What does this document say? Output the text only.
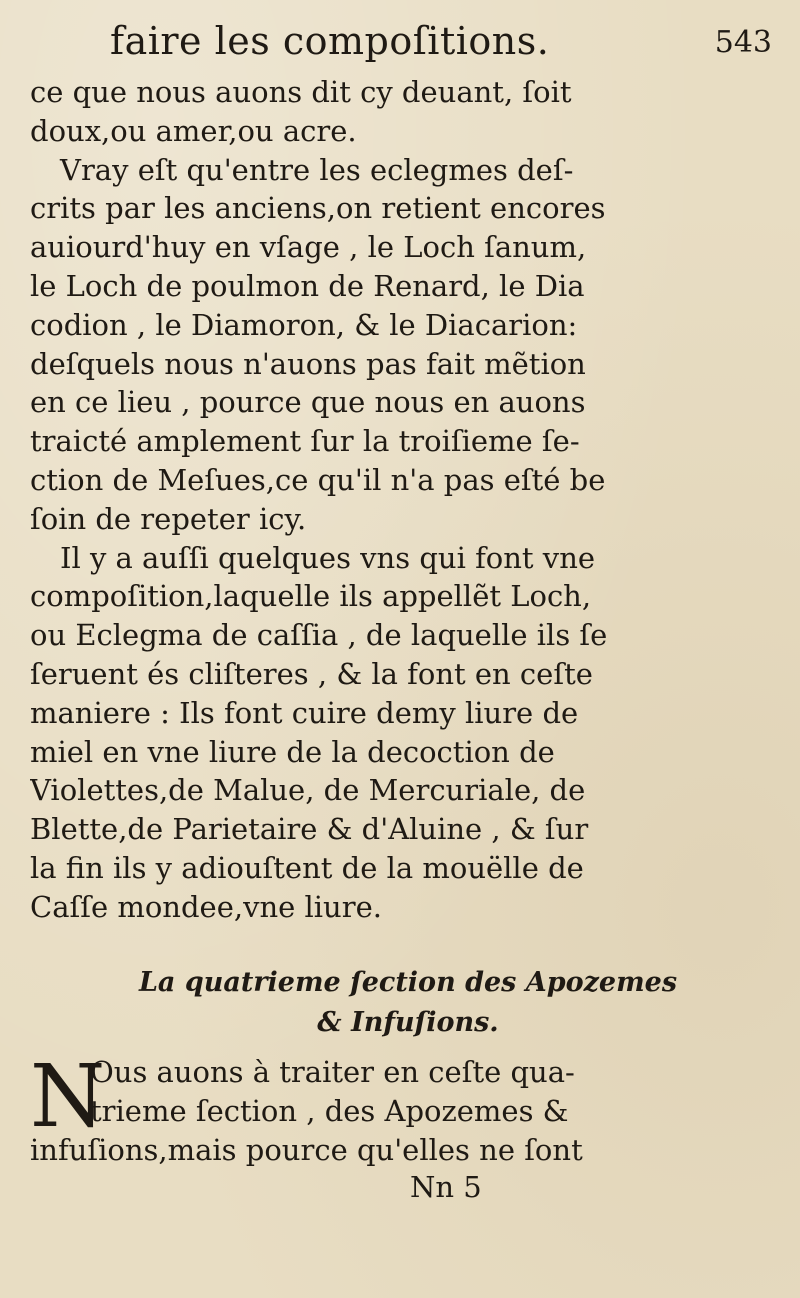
faire les compoſitions.	543
ce que nous auons dit cy deuant, ſoit
doux,ou amer,ou acre.
Vray eſt qu'entre les eclegmes deſ-
crits par les anciens,on retient encores
auiourd'huy en vſage , le Loch ſanum,
le Loch de poulmon de Renard, le Dia
codion , le Diamoron, & le Diacarion:
deſquels nous n'auons pas fait mẽtion
en ce lieu , pource que nous en auons
traicté amplement ſur la troiſieme ſe-
ction de Meſues,ce qu'il n'a pas eſté be
ſoin de repeter icy.
Il y a auſſi quelques vns qui font vne
compoſition,laquelle ils appellẽt Loch,
ou Eclegma de caſſia , de laquelle ils ſe
ſeruent és cliſteres , & la font en ceſte
maniere : Ils font cuire demy liure de
miel en vne liure de la decoction de
Violettes,de Malue, de Mercuriale, de
Blette,de Parietaire & d'Aluine , & ſur
la fin ils y adiouſtent de la mouëlle de
Caſſe mondee,vne liure.
La quatrieme ſection des Apozemes
& Infuſions.
N
Ous auons à traiter en ceſte qua-
trieme ſection , des Apozemes &
infuſions,mais pource qu'elles ne ſont
Nn 5
